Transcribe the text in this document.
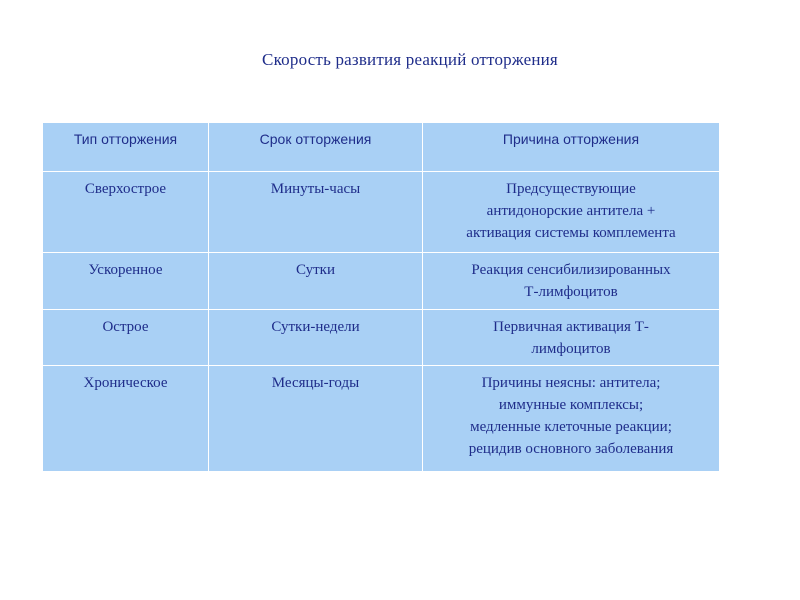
Скорость развития реакций отторжения
Тип отторжения	Срок отторжения	Причина отторжения
Сверхострое	Минуты-часы	Предсуществующие
антидонорские антитела +
активация системы комплемента

Ускоренное	Сутки	Реакция сенсибилизированных
Т-лимфоцитов

Острое	Сутки-недели	Первичная активация Т-
лимфоцитов

Хроническое	Месяцы-годы	Причины неясны: антитела;
иммунные комплексы;
медленные клеточные реакции;
рецидив основного заболевания
